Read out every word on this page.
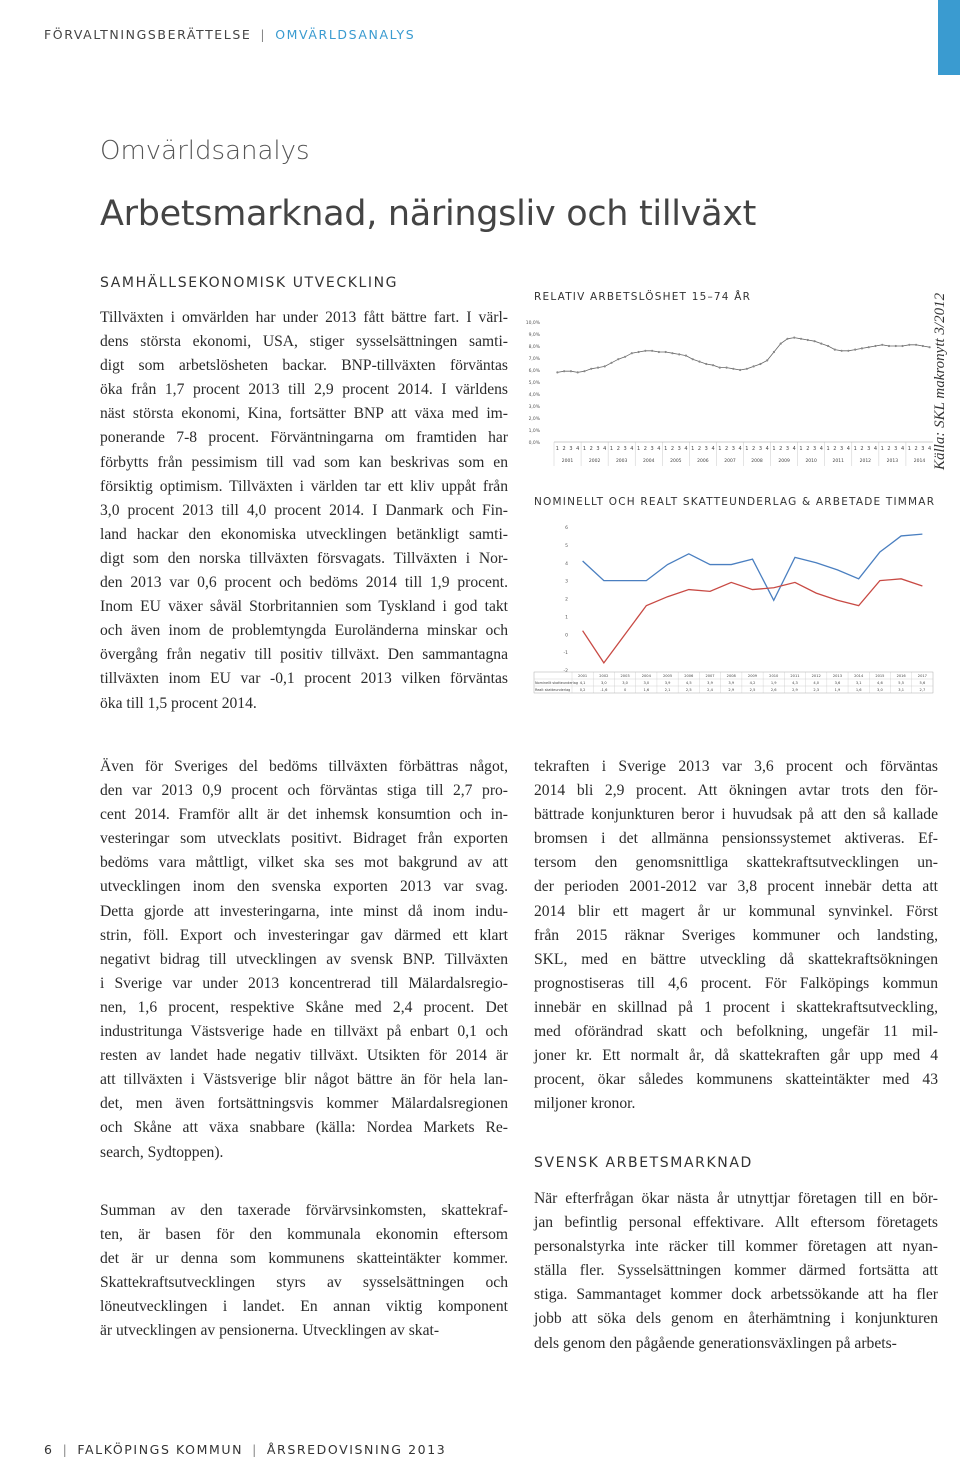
FÖRVALTNINGSBERÄTTELSE | OMVÄRLDSANALYS
Omvärldsanalys
Arbetsmarknad, näringsliv och tillväxt
SAMHÄLLSEKONOMISK UTVECKLING
Tillväxten i omvärlden har under 2013 fått bättre fart. I värl-
dens största ekonomi, USA, stiger sysselsättningen samti-
digt som arbetslösheten backar. BNP-tillväxten förväntas
öka från 1,7 procent 2013 till 2,9 procent 2014. I världens
näst största ekonomi, Kina, fortsätter BNP att växa med im-
ponerande 7-8 procent. Förväntningarna om framtiden har
förbytts från pessimism till vad som kan beskrivas som en
försiktig optimism. Tillväxten i världen tar ett kliv uppåt från
3,0 procent 2013 till 4,0 procent 2014. I Danmark och Fin-
land hackar den ekonomiska utvecklingen betänkligt samti-
digt som den norska tillväxten försvagats. Tillväxten i Nor-
den 2013 var 0,6 procent och bedöms 2014 till 1,9 procent.
Inom EU växer såväl Storbritannien som Tyskland i god takt
och även inom de problemtyngda Euroländerna minskar och
övergång från negativ till positiv tillväxt. Den sammantagna
tillväxten inom EU var -0,1 procent 2013 vilken förväntas
öka till 1,5 procent 2014.
Även för Sveriges del bedöms tillväxten förbättras något,
den var 2013 0,9 procent och förväntas stiga till 2,7 pro-
cent 2014. Framför allt är det inhemsk konsumtion och in-
vesteringar som utvecklats positivt. Bidraget från exporten
bedöms vara måttligt, vilket ska ses mot bakgrund av att
utvecklingen inom den svenska exporten 2013 var svag.
Detta gjorde att investeringarna, inte minst då inom indu-
strin, föll. Export och investeringar gav därmed ett klart
negativt bidrag till utvecklingen av svensk BNP. Tillväxten
i Sverige var under 2013 koncentrerad till Mälardalsregio-
nen, 1,6 procent, respektive Skåne med 2,4 procent. Det
industritunga Västsverige hade en tillväxt på enbart 0,1 och
resten av landet hade negativ tillväxt. Utsikten för 2014 är
att tillväxten i Västsverige blir något bättre än för hela lan-
det, men även fortsättningsvis kommer Mälardalsregionen
och Skåne att växa snabbare (källa: Nordea Markets Re-
search, Sydtoppen).
Summan av den taxerade förvärvsinkomsten, skattekraf-
ten, är basen för den kommunala ekonomin eftersom
det är ur denna som kommunens skatteintäkter kommer.
Skattekraftsutvecklingen styrs av sysselsättningen och
löneutvecklingen i landet. En annan viktig komponent
är utvecklingen av pensionerna. Utvecklingen av skat-
tekraften i Sverige 2013 var 3,6 procent och förväntas
2014 bli 2,9 procent. Att ökningen avtar trots den för-
bättrade konjunkturen beror i huvudsak på att den så kallade
bromsen i det allmänna pensionssystemet aktiveras. Ef-
tersom den genomsnittliga skattekraftsutvecklingen un-
der perioden 2001-2012 var 3,8 procent innebär detta att
2014 blir ett magert år ur kommunal synvinkel. Först
från 2015 räknar Sveriges kommuner och landsting,
SKL, med en bättre utveckling då skattekraftsökningen
prognostiseras till 4,6 procent. För Falköpings kommun
innebär en skillnad på 1 procent i skattekraftsutveckling,
med oförändrad skatt och befolkning, ungefär 11 mil-
joner kr. Ett normalt år, då skattekraften går upp med 4
procent, ökar således kommunens skatteintäkter med 43
miljoner kronor.
SVENSK ARBETSMARKNAD
När efterfrågan ökar nästa år utnyttjar företagen till en bör-
jan befintlig personal effektivare. Allt eftersom företagets
personalstyrka inte räcker till kommer företagen att nyan-
ställa fler. Sysselsättningen kommer därmed fortsätta att
stiga. Sammantaget kommer dock arbetssökande att ha fler
jobb att söka dels genom en återhämtning i konjunkturen
dels genom den pågående generationsväxlingen på arbets-
RELATIV ARBETSLÖSHET 15–74 ÅR
0,0%
1,0%
2,0%
3,0%
4,0%
5,0%
6,0%
7,0%
8,0%
9,0%
10,0%
1 2 3 4 1 2 3 4 1 2 3 4 1 2 3 4 1 2 3 4 1 2 3 4 1 2 3 4 1 2 3 4 1 2 3 4 1 2 3 4 1 2 3 4 1 2 3 4 1 2 3 4 1 2 3 4
2001	2002	2003	2004	2005	2006	2007	2008	2009	2010	2011	2012	2013	2014
NOMINELLT OCH REALT SKATTEUNDERLAG & ARBETADE TIMMAR
-2
-1
0
1
2
3
4
5
6
2001	2002	2003	2004	2005	2006	2007	2008	2009	2010	2011	2012	2013	2014	2015	2016	2017
Nominellt skatteunderlag 4,1	3,0	3,0	3,0	3,9	4,5	3,9	3,9	4,2	1,9	4,3	4,0	3,6	3,1	4,6	5,5	5,6
Realt skatteunderlag	0,2	-1,6	0	1,6	2,1	2,5	2,4	2,9	2,5	2,6	2,9	2,3	1,9	1,6	3,0	3,1	2,7
Källa: SKL makronytt 3/2012
6 | FALKÖPINGS KOMMUN | ÅRSREDOVISNING 2013
